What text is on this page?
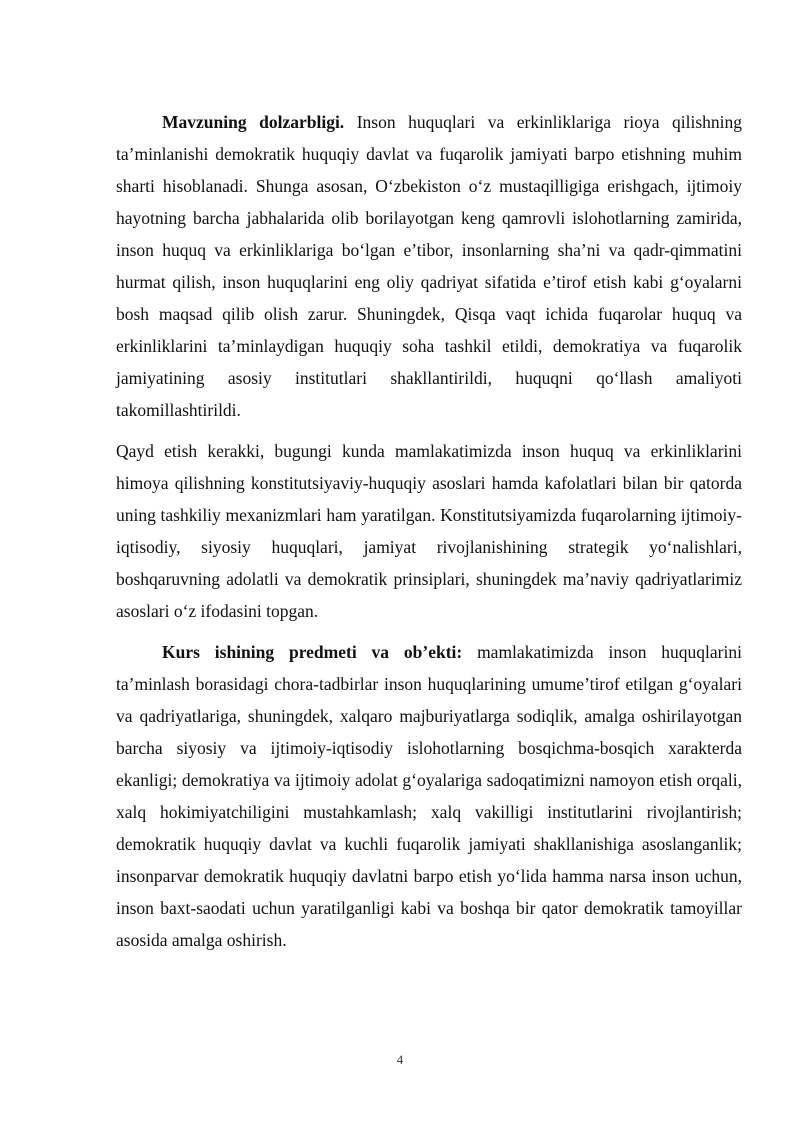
Mavzuning dolzarbligi. Inson huquqlari va erkinliklariga rioya qilishning ta’minlanishi demokratik huquqiy davlat va fuqarolik jamiyati barpo etishning muhim sharti hisoblanadi. Shunga asosan, O‘zbekiston o‘z mustaqilligiga erishgach, ijtimoiy hayotning barcha jabhalarida olib borilayotgan keng qamrovli islohotlarning zamirida, inson huquq va erkinliklariga bo‘lgan e’tibor, insonlarning sha’ni va qadr-qimmatini hurmat qilish, inson huquqlarini eng oliy qadriyat sifatida e’tirof etish kabi g‘oyalarni bosh maqsad qilib olish zarur. Shuningdek, Qisqa vaqt ichida fuqarolar huquq va erkinliklarini ta’minlaydigan huquqiy soha tashkil etildi, demokratiya va fuqarolik jamiyatining asosiy institutlari shakllantirildi, huquqni qo‘llash amaliyoti takomillashtirildi.

Qayd etish kerakki, bugungi kunda mamlakatimizda inson huquq va erkinliklarini himoya qilishning konstitutsiyaviy-huquqiy asoslari hamda kafolatlari bilan bir qatorda uning tashkiliy mexanizmlari ham yaratilgan. Konstitutsiyamizda fuqarolarning ijtimoiy-iqtisodiy, siyosiy huquqlari, jamiyat rivojlanishining strategik yo‘nalishlari, boshqaruvning adolatli va demokratik prinsiplari, shuningdek ma’naviy qadriyatlarimiz asoslari o‘z ifodasini topgan.

Kurs ishining predmeti va ob’ekti: mamlakatimizda inson huquqlarini ta’minlash borasidagi chora-tadbirlar inson huquqlarining umume’tirof etilgan g‘oyalari va qadriyatlariga, shuningdek, xalqaro majburiyatlarga sodiqlik, amalga oshirilayotgan barcha siyosiy va ijtimoiy-iqtisodiy islohotlarning bosqichma-bosqich xarakterda ekanligi; demokratiya va ijtimoiy adolat g‘oyalariga sadoqatimizni namoyon etish orqali, xalq hokimiyatchiligini mustahkamlash; xalq vakilligi institutlarini rivojlantirish; demokratik huquqiy davlat va kuchli fuqarolik jamiyati shakllanishiga asoslanganlik; insonparvar demokratik huquqiy davlatni barpo etish yo‘lida hamma narsa inson uchun, inson baxt-saodati uchun yaratilganligi kabi va boshqa bir qator demokratik tamoyillar asosida amalga oshirish.

4
